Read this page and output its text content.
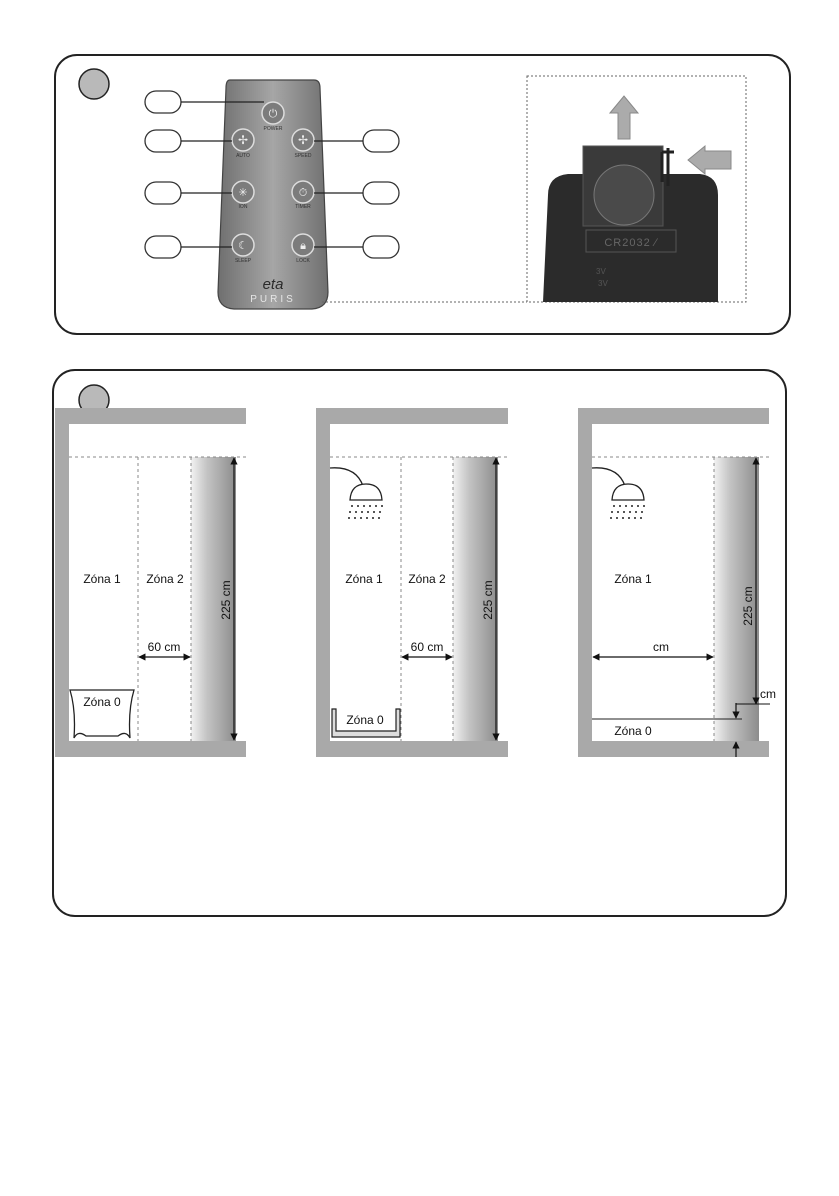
⏻
POWER
✢
AUTO
✢
SPEED
✳
ION
⏱
TIMER
☾
SLEEP
🔒︎
LOCK
eta
PURIS
CR2032 ∕
3V
3V
Zóna 1 Zóna 2
Zóna 0
60 cm
225 cm
Zóna 1 Zóna 2
Zóna 0
60 cm
225 cm
Zóna 1
Zóna 0
cm
225 cm
cm
